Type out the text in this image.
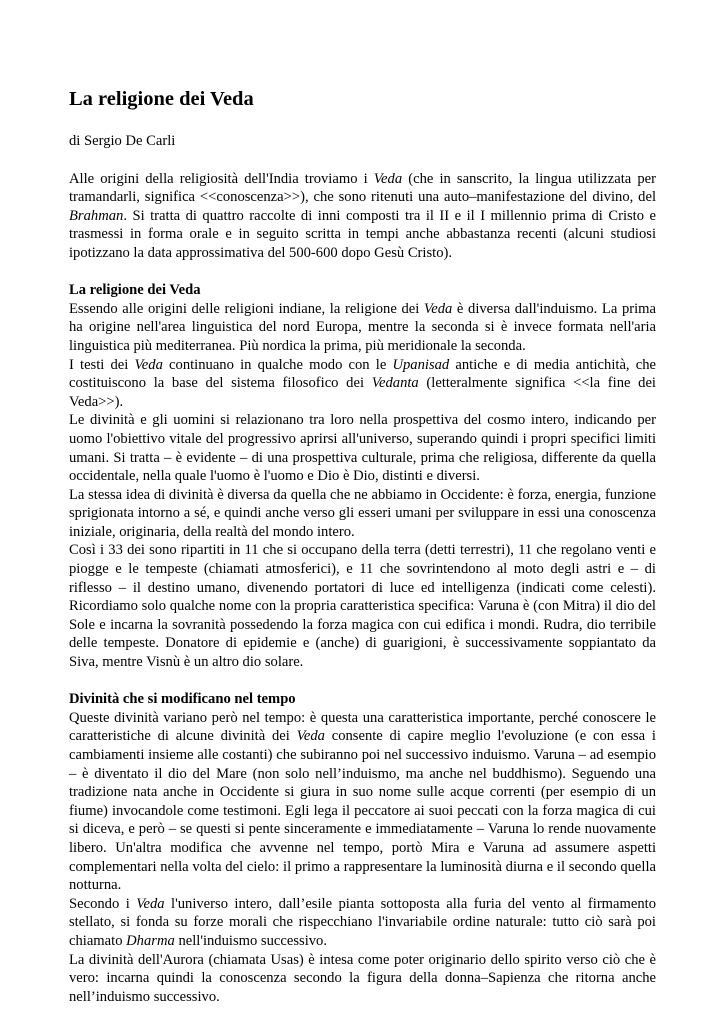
La religione dei Veda

di Sergio De Carli

Alle origini della religiosità dell'India troviamo i Veda (che in sanscrito, la lingua utilizzata per tramandarli, significa <<conoscenza>>), che sono ritenuti una auto–manifestazione del divino, del Brahman. Si tratta di quattro raccolte di inni composti tra il II e il I millennio prima di Cristo e trasmessi in forma orale e in seguito scritta in tempi anche abbastanza recenti (alcuni studiosi ipotizzano la data approssimativa del 500-600 dopo Gesù Cristo).

La religione dei Veda

Essendo alle origini delle religioni indiane, la religione dei Veda è diversa dall'induismo. La prima ha origine nell'area linguistica del nord Europa, mentre la seconda si è invece formata nell'aria linguistica più mediterranea. Più nordica la prima, più meridionale la seconda.

I testi dei Veda continuano in qualche modo con le Upanisad antiche e di media antichità, che costituiscono la base del sistema filosofico dei Vedanta (letteralmente significa <<la fine dei Veda>>).

Le divinità e gli uomini si relazionano tra loro nella prospettiva del cosmo intero, indicando per uomo l'obiettivo vitale del progressivo aprirsi all'universo, superando quindi i propri specifici limiti umani. Si tratta – è evidente – di una prospettiva culturale, prima che religiosa, differente da quella occidentale, nella quale l'uomo è l'uomo e Dio è Dio, distinti e diversi.

La stessa idea di divinità è diversa da quella che ne abbiamo in Occidente: è forza, energia, funzione sprigionata intorno a sé, e quindi anche verso gli esseri umani per sviluppare in essi una conoscenza iniziale, originaria, della realtà del mondo intero.

Così i 33 dei sono ripartiti in 11 che si occupano della terra (detti terrestri), 11 che regolano venti e piogge e le tempeste (chiamati atmosferici), e 11 che sovrintendono al moto degli astri e – di riflesso – il destino umano, divenendo portatori di luce ed intelligenza (indicati come celesti). Ricordiamo solo qualche nome con la propria caratteristica specifica: Varuna è (con Mitra) il dio del Sole e incarna la sovranità possedendo la forza magica con cui edifica i mondi. Rudra, dio terribile delle tempeste. Donatore di epidemie e (anche) di guarigioni, è successivamente soppiantato da Siva, mentre Visnù è un altro dio solare.

Divinità che si modificano nel tempo

Queste divinità variano però nel tempo: è questa una caratteristica importante, perché conoscere le caratteristiche di alcune divinità dei Veda consente di capire meglio l'evoluzione (e con essa i cambiamenti insieme alle costanti) che subiranno poi nel successivo induismo. Varuna – ad esempio – è diventato il dio del Mare (non solo nell’induismo, ma anche nel buddhismo). Seguendo una tradizione nata anche in Occidente si giura in suo nome sulle acque correnti (per esempio di un fiume) invocandole come testimoni. Egli lega il peccatore ai suoi peccati con la forza magica di cui si diceva, e però – se questi si pente sinceramente e immediatamente – Varuna lo rende nuovamente libero. Un'altra modifica che avvenne nel tempo, portò Mira e Varuna ad assumere aspetti complementari nella volta del cielo: il primo a rappresentare la luminosità diurna e il secondo quella notturna.

Secondo i Veda l'universo intero, dall’esile pianta sottoposta alla furia del vento al firmamento stellato, si fonda su forze morali che rispecchiano l'invariabile ordine naturale: tutto ciò sarà poi chiamato Dharma nell'induismo successivo.

La divinità dell'Aurora (chiamata Usas) è intesa come poter originario dello spirito verso ciò che è vero: incarna quindi la conoscenza secondo la figura della donna–Sapienza che ritorna anche nell’induismo successivo.
